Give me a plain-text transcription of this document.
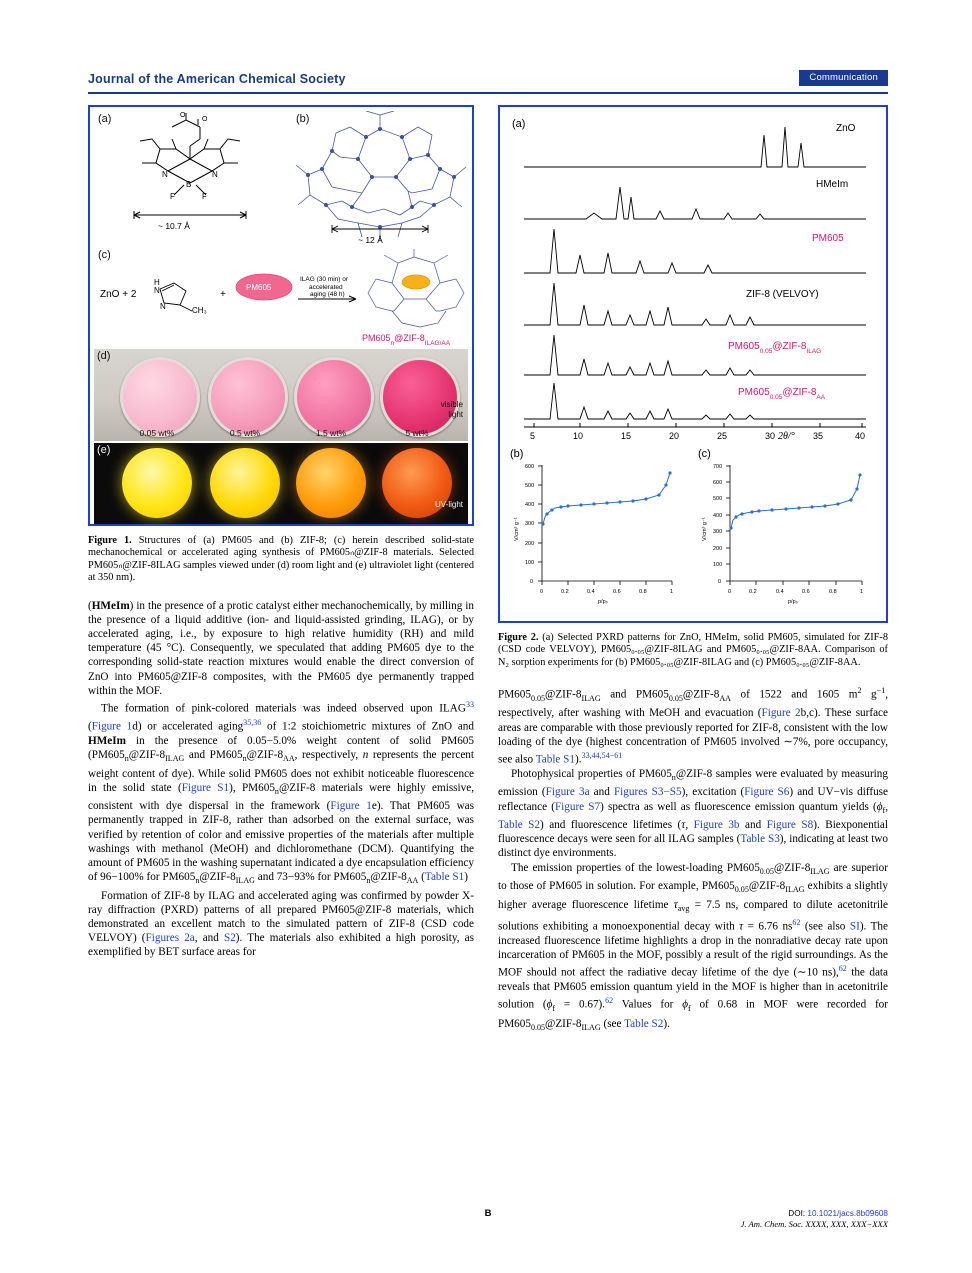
Journal of the American Chemical Society	Communication
(a)	O
O
N	N
B
F	F
~ 10.7 Å
(b)
~ 12 Å
(c)
ZnO + 2
H
N
N	CH₃
+
PM605
ILAG (30 min) or
accelerated
aging (48 h)
$PM605_n@ZIF-8_{ILAG/AA}$
(d)
0.05 wt%	0.5 wt%	1.5 wt%	5 wt%
visible
light
(e)
UV-light
Figure 1. Structures of (a) PM605 and (b) ZIF-8; (c) herein described solid-state mechanochemical or accelerated aging synthesis of PM605ₙ@ZIF-8 materials. Selected PM605ₙ@ZIF-8ILAG samples viewed under (d) room light and (e) ultraviolet light (centered at 350 nm).

(HMeIm) in the presence of a protic catalyst either mechanochemically, by milling in the presence of a liquid additive (ion- and liquid-assisted grinding, ILAG), or by accelerated aging, i.e., by exposure to high relative humidity (RH) and mild temperature (45 °C). Consequently, we speculated that adding PM605 dye to the corresponding solid-state reaction mixtures would enable the direct conversion of ZnO into PM605@ZIF-8 composites, with the PM605 dye permanently trapped within the MOF.

The formation of pink-colored materials was indeed observed upon ILAG$^{33}$ (Figure 1d) or accelerated aging$^{35,36}$ of 1:2 stoichiometric mixtures of ZnO and HMeIm in the presence of 0.05−5.0% weight content of solid PM605 ($PM605_n@ZIF-8_{ILAG}$ and $PM605_n@ZIF-8_{AA}$, respectively, n represents the percent weight content of dye). While solid PM605 does not exhibit noticeable fluorescence in the solid state (Figure S1), $PM605_n@ZIF-8$ materials were highly emissive, consistent with dye dispersal in the framework (Figure 1e). That PM605 was permanently trapped in ZIF-8, rather than adsorbed on the external surface, was verified by retention of color and emissive properties of the materials after multiple washings with methanol (MeOH) and dichloromethane (DCM). Quantifying the amount of PM605 in the washing supernatant indicated a dye encapsulation efficiency of 96−100% for $PM605_n@ZIF-8_{ILAG}$ and 73−93% for $PM605_n@ZIF-8_{AA}$ (Table S1)

Formation of ZIF-8 by ILAG and accelerated aging was confirmed by powder X-ray diffraction (PXRD) patterns of all prepared PM605@ZIF-8 materials, which demonstrated an excellent match to the simulated pattern of ZIF-8 (CSD code VELVOY) (Figures 2a, and S2). The materials also exhibited a high porosity, as exemplified by BET surface areas for

(a)	ZnO
HMeIm
PM605
ZIF-8 (VELVOY)
$PM605_{0.05}@ZIF-8_{ILAG}$
$PM605_{0.05}@ZIF-8_{AA}$
5	10	15	20	25	30	35	40
2θ/°
(b)	(c)
0
100
200
300
400
500
600
0	0.2	0.4	0.6	0.8	1
V/cm³ g⁻¹
p/p₀
0
100
200
300
400
500
600
700
0	0.2	0.4	0.6	0.8	1
V/cm³ g⁻¹
p/p₀
Figure 2. (a) Selected PXRD patterns for ZnO, HMeIm, solid PM605, simulated for ZIF-8 (CSD code VELVOY), PM605₀.₀₅@ZIF-8ILAG and PM605₀.₀₅@ZIF-8AA. Comparison of N₂ sorption experiments for (b) PM605₀.₀₅@ZIF-8ILAG and (c) PM605₀.₀₅@ZIF-8AA.

$PM605_{0.05}@ZIF-8_{ILAG}$ and $PM605_{0.05}@ZIF-8_{AA}$ of 1522 and 1605 $m^2$ $g^{-1}$, respectively, after washing with MeOH and evacuation (Figure 2b,c). These surface areas are comparable with those previously reported for ZIF-8, consistent with the low loading of the dye (highest concentration of PM605 involved ∼7%, pore occupancy, see also Table S1).$^{33,44,54-61}$

Photophysical properties of $PM605_n@ZIF-8$ samples were evaluated by measuring emission (Figure 3a and Figures S3−S5), excitation (Figure S6) and UV−vis diffuse reflectance (Figure S7) spectra as well as fluorescence emission quantum yields ($\phi_f$, Table S2) and fluorescence lifetimes (τ, Figure 3b and Figure S8). Biexponential fluorescence decays were seen for all ILAG samples (Table S3), indicating at least two distinct dye environments.

The emission properties of the lowest-loading $PM605_{0.05}@ZIF-8_{ILAG}$ are superior to those of PM605 in solution. For example, $PM605_{0.05}@ZIF-8_{ILAG}$ exhibits a slightly higher average fluorescence lifetime $\tau_{avg} = 7.5$ ns, compared to dilute acetonitrile solutions exhibiting a monoexponential decay with τ = 6.76 $ns^{62}$ (see also SI). The increased fluorescence lifetime highlights a drop in the nonradiative decay rate upon incarceration of PM605 in the MOF, possibly a result of the rigid surroundings. As the MOF should not affect the radiative decay lifetime of the dye (∼10 ns),$^{62}$ the data reveals that PM605 emission quantum yield in the MOF is higher than in acetonitrile solution $(\phi_f = 0.67).^{62}$ Values for $\phi_f$ of 0.68 in MOF were recorded for $PM605_{0.05}@ZIF-8_{ILAG}$ (see Table S2).

B	DOI: 10.1021/jacs.8b09608
J. Am. Chem. Soc. XXXX, XXX, XXX−XXX
